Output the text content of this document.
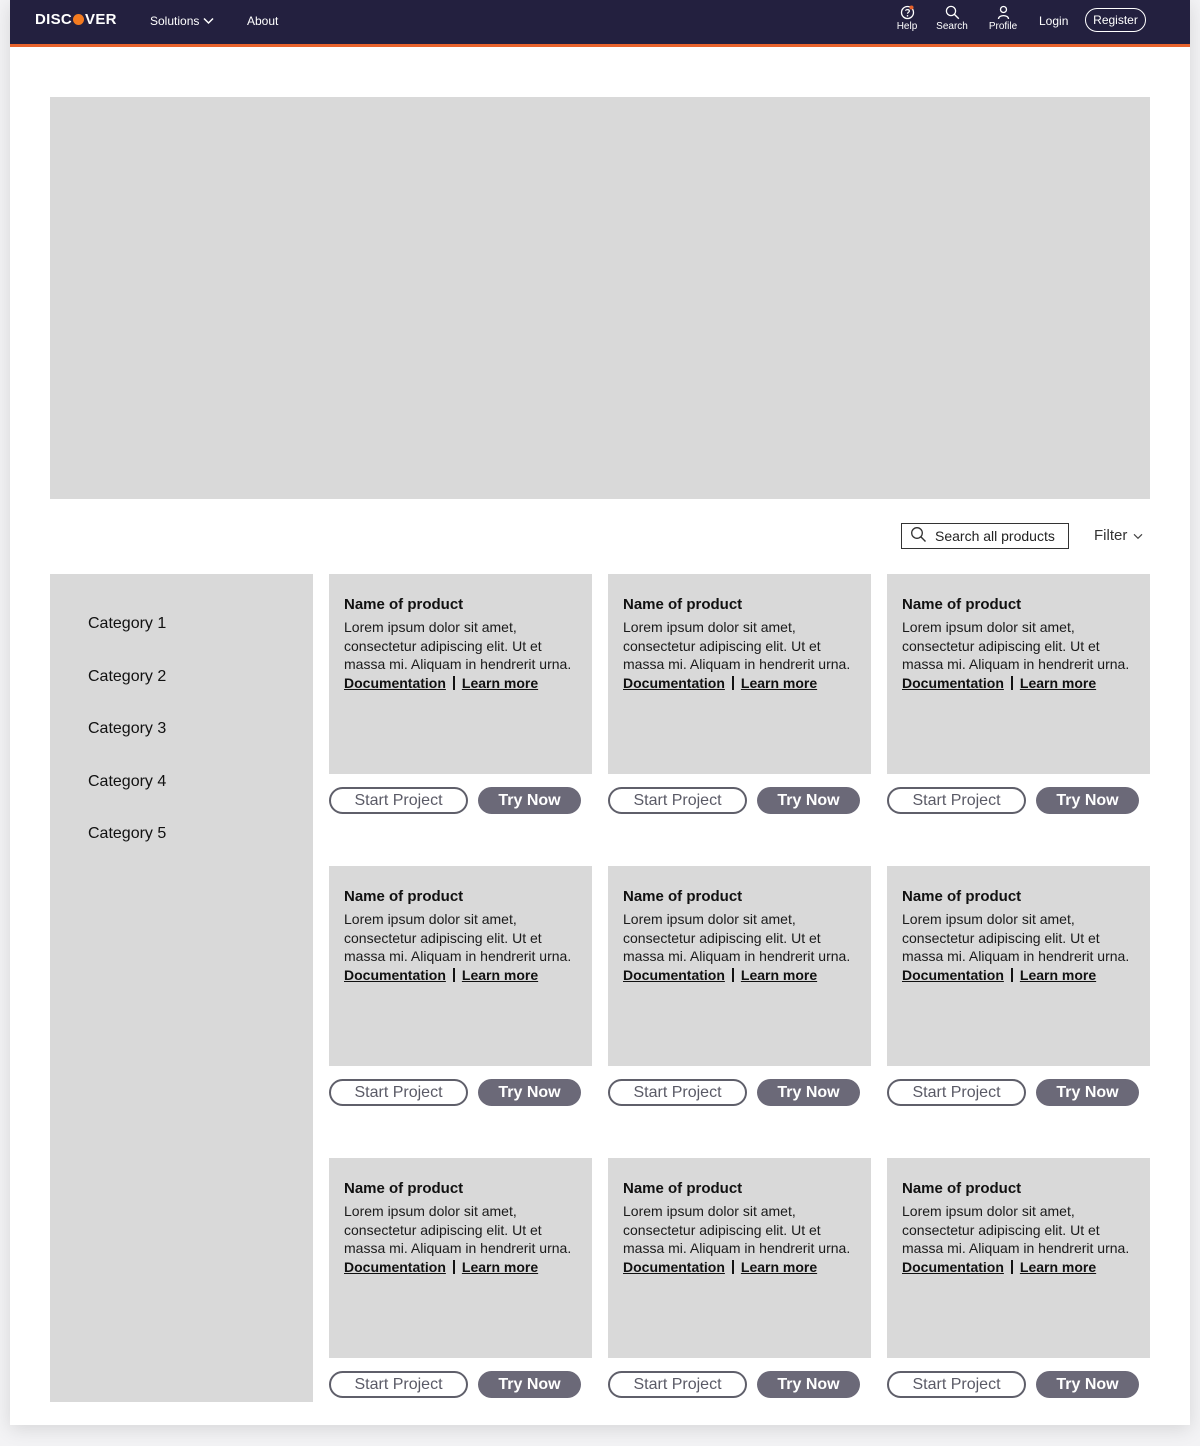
DISC VER	Solutions	About	Help Search Profile Login	Register
Search all products	Filter
Category 1
Category 2
Category 3
Category 4
Category 5
Name of product
Lorem ipsum dolor sit amet, consectetur adipiscing elit. Ut et massa mi. Aliquam in hendrerit urna.
Documentation Learn more
Start Project	Try Now
Name of product
Lorem ipsum dolor sit amet, consectetur adipiscing elit. Ut et massa mi. Aliquam in hendrerit urna.
Documentation Learn more
Start Project	Try Now
Name of product
Lorem ipsum dolor sit amet, consectetur adipiscing elit. Ut et massa mi. Aliquam in hendrerit urna.
Documentation Learn more
Start Project	Try Now
Name of product
Lorem ipsum dolor sit amet, consectetur adipiscing elit. Ut et massa mi. Aliquam in hendrerit urna.
Documentation Learn more
Start Project	Try Now
Name of product
Lorem ipsum dolor sit amet, consectetur adipiscing elit. Ut et massa mi. Aliquam in hendrerit urna.
Documentation Learn more
Start Project	Try Now
Name of product
Lorem ipsum dolor sit amet, consectetur adipiscing elit. Ut et massa mi. Aliquam in hendrerit urna.
Documentation Learn more
Start Project	Try Now
Name of product
Lorem ipsum dolor sit amet, consectetur adipiscing elit. Ut et massa mi. Aliquam in hendrerit urna.
Documentation Learn more
Start Project	Try Now
Name of product
Lorem ipsum dolor sit amet, consectetur adipiscing elit. Ut et massa mi. Aliquam in hendrerit urna.
Documentation Learn more
Start Project	Try Now
Name of product
Lorem ipsum dolor sit amet, consectetur adipiscing elit. Ut et massa mi. Aliquam in hendrerit urna.
Documentation Learn more
Start Project	Try Now
